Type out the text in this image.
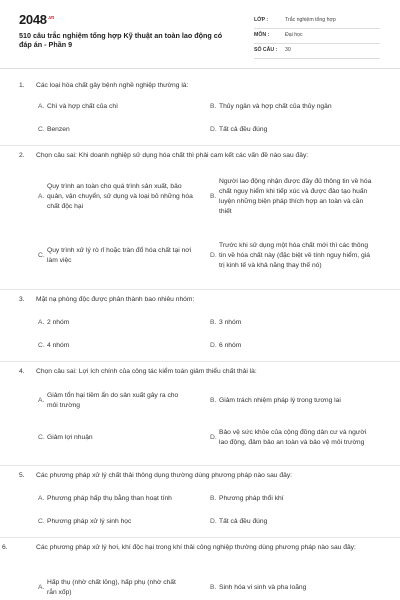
$2048^{.vn}$
510 câu trắc nghiệm tổng hợp Kỹ thuật an toàn lao động có đáp án - Phần 9
LỚP :	Trắc nghiệm tổng hợp
MÔN :	Đại học
SỐ CÂU : 30
1. Các loại hóa chất gây bệnh nghề nghiệp thường là:
A. Chì và hợp chất của chì	B. Thủy ngân và hợp chất của thủy ngân
C. Benzen	D. Tất cả đều đúng
2. Chọn câu sai: Khi doanh nghiệp sử dụng hóa chất thì phải cam kết các vấn đề nào sau đây:
A.
Quy trình an toàn cho quá trình sản xuất, bảo quản, vận chuyển, sử dụng và loại bỏ những hóa chất độc hại
B.
Người lao động nhận được đầy đủ thông tin về hóa chất nguy hiểm khi tiếp xúc và được đào tạo huấn luyện những biện pháp thích hợp an toàn và cần thiết
C.
Quy trình xử lý rò rỉ hoặc tràn đổ hóa chất tại nơi làm việc
D.
Trước khi sử dụng một hóa chất mới thì các thông tin về hóa chất này (đặc biệt về tính nguy hiểm, giá trị kinh tế và khả năng thay thế nó)
3. Mặt nạ phòng độc được phân thành bao nhiêu nhóm:
A. 2 nhóm	B. 3 nhóm
C. 4 nhóm	D. 6 nhóm
4. Chọn câu sai: Lợi ích chính của công tác kiểm toán giảm thiểu chất thải là:
A.
Giảm tổn hại tiềm ẩn do sản xuất gây ra cho môi trường
B. Giảm trách nhiệm pháp lý trong tương lai
C. Giảm lợi nhuận	D.
Bảo vệ sức khỏe của cộng đồng dân cư và người lao động, đảm bảo an toàn và bảo vệ môi trường
5. Các phương pháp xử lý chất thải thông dụng thường dùng phương pháp nào sau đây:
A. Phương pháp hấp thụ bằng than hoạt tính	B. Phương pháp thổi khí
C. Phương pháp xử lý sinh học	D. Tất cả đều đúng
6.	Các phương pháp xử lý hơi, khí độc hại trong khí thải công nghiệp thường dùng phương pháp nào sau đây:
A.
Hấp thụ (nhờ chất lỏng), hấp phụ (nhờ chất rắn xốp)
B. Sinh hóa vi sinh và pha loãng
